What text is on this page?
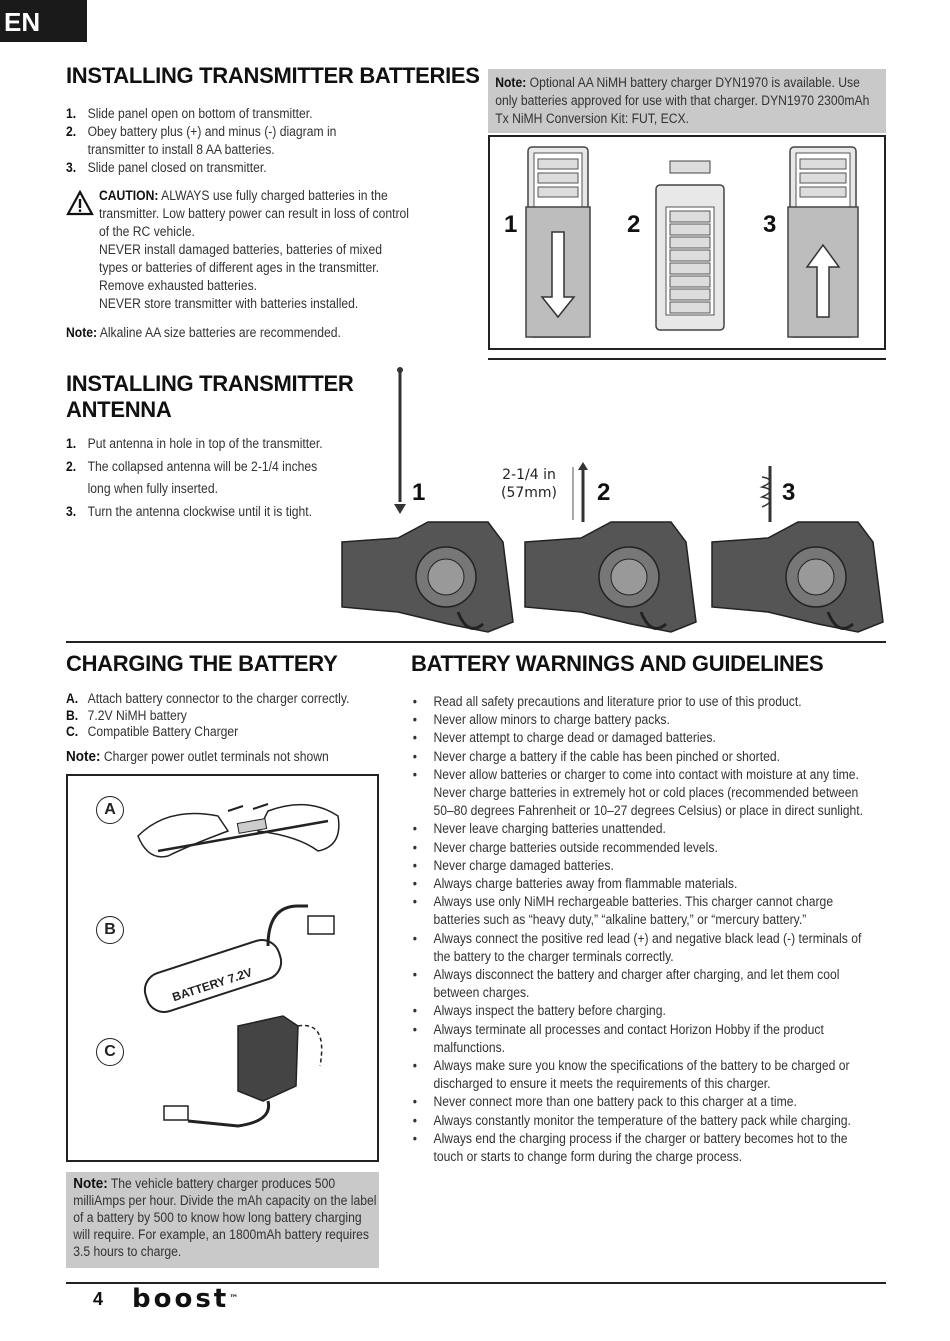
EN
INSTALLING TRANSMITTER BATTERIES
1. Slide panel open on bottom of transmitter.
2. Obey battery plus (+) and minus (-) diagram in transmitter to install 8 AA batteries.
3. Slide panel closed on transmitter.
CAUTION: ALWAYS use fully charged batteries in the transmitter. Low battery power can result in loss of control of the RC vehicle.
NEVER install damaged batteries, batteries of mixed types or batteries of different ages in the transmitter. Remove exhausted batteries.
NEVER store transmitter with batteries installed.
Note: Alkaline AA size batteries are recommended.
Note: Optional AA NiMH battery charger DYN1970 is available. Use only batteries approved for use with that charger. DYN1970 2300mAh Tx NiMH Conversion Kit: FUT, ECX.
1	2	3
INSTALLING TRANSMITTER
ANTENNA
1. Put antenna in hole in top of the transmitter.
2. The collapsed antenna will be 2-1/4 inches long when fully inserted.
3. Turn the antenna clockwise until it is tight.
1	2	3
2-1/4 in
(57mm)
CHARGING THE BATTERY
A. Attach battery connector to the charger correctly.
B. 7.2V NiMH battery
C. Compatible Battery Charger
Note: Charger power outlet terminals not shown
A
B
C
BATTERY 7.2V
Note: The vehicle battery charger produces 500 milliAmps per hour. Divide the mAh capacity on the label of a battery by 500 to know how long battery charging will require. For example, an 1800mAh battery requires 3.5 hours to charge.
BATTERY WARNINGS AND GUIDELINES
• Read all safety precautions and literature prior to use of this product.
• Never allow minors to charge battery packs.
• Never attempt to charge dead or damaged batteries.
• Never charge a battery if the cable has been pinched or shorted.
• Never allow batteries or charger to come into contact with moisture at any time. Never charge batteries in extremely hot or cold places (recommended between 50–80 degrees Fahrenheit or 10–27 degrees Celsius) or place in direct sunlight.
• Never leave charging batteries unattended.
• Never charge batteries outside recommended levels.
• Never charge damaged batteries.
• Always charge batteries away from flammable materials.
• Always use only NiMH rechargeable batteries. This charger cannot charge batteries such as “heavy duty,” “alkaline battery,” or “mercury battery.”
• Always connect the positive red lead (+) and negative black lead (-) terminals of the battery to the charger terminals correctly.
• Always disconnect the battery and charger after charging, and let them cool between charges.
• Always inspect the battery before charging.
• Always terminate all processes and contact Horizon Hobby if the product malfunctions.
• Always make sure you know the specifications of the battery to be charged or discharged to ensure it meets the requirements of this charger.
• Never connect more than one battery pack to this charger at a time.
• Always constantly monitor the temperature of the battery pack while charging.
• Always end the charging process if the charger or battery becomes hot to the touch or starts to change form during the charge process.
4 boost™
